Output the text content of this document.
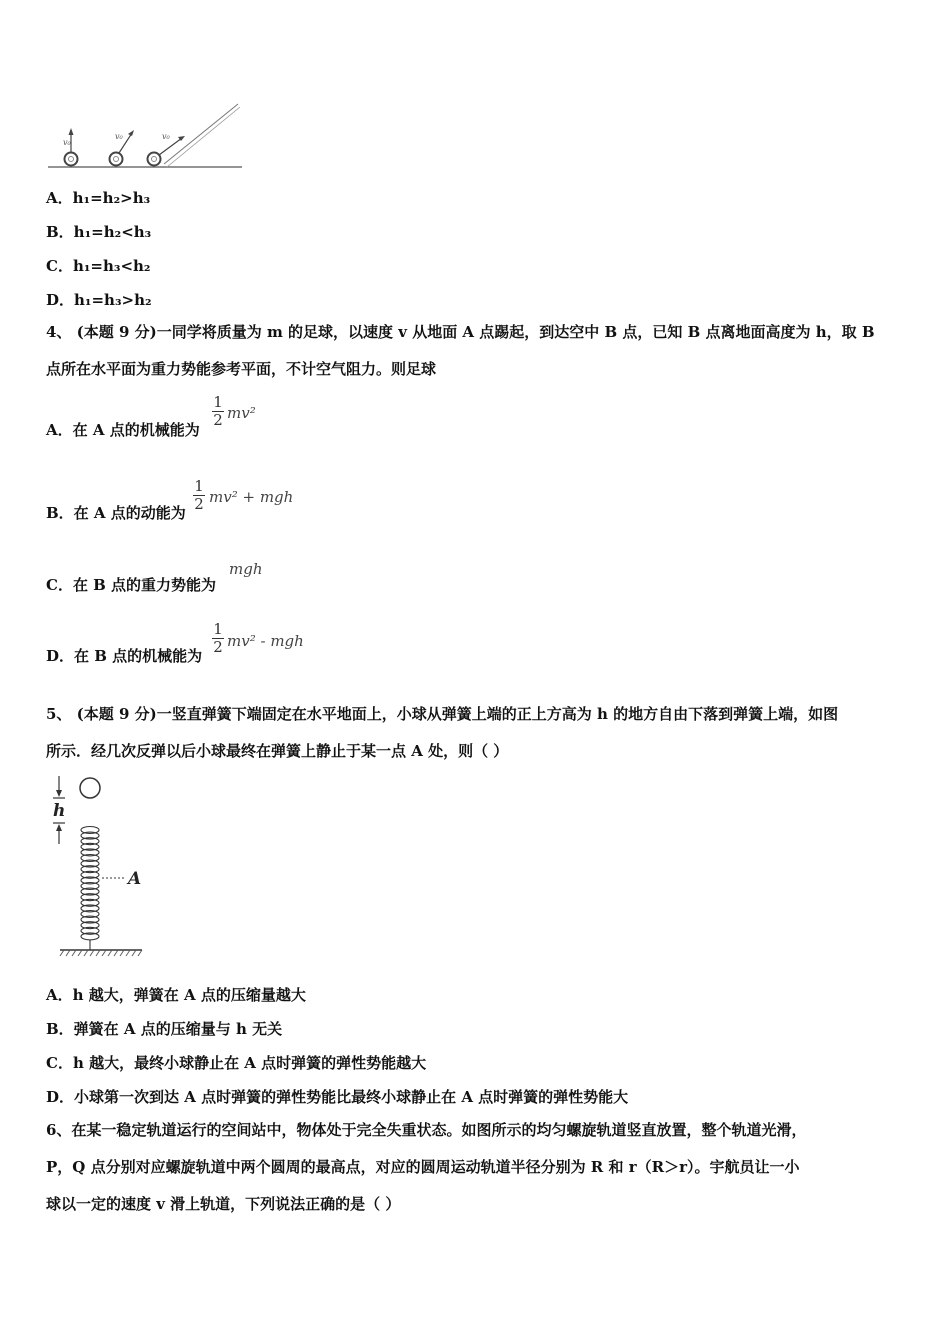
v₀
v₀	v₀
A．h₁=h₂>h₃
B．h₁=h₂<h₃
C．h₁=h₃<h₂
D．h₁=h₃>h₂
4、 (本题 9 分)一同学将质量为 m 的足球，以速度 v 从地面 A 点踢起，到达空中 B 点，已知 B 点离地面高度为 h，取 B
点所在水平面为重力势能参考平面，不计空气阻力。则足球
A．在 A 点的机械能为
1
2 mv²
B．在 A 点的动能为
1
2 mv² + mgh
C．在 B 点的重力势能为
mgh
D．在 B 点的机械能为
1
2 mv² - mgh
5、 (本题 9 分)一竖直弹簧下端固定在水平地面上，小球从弹簧上端的正上方高为 h 的地方自由下落到弹簧上端，如图
所示．经几次反弹以后小球最终在弹簧上静止于某一点 A 处，则（ ）
h
A
A．h 越大，弹簧在 A 点的压缩量越大
B．弹簧在 A 点的压缩量与 h 无关
C．h 越大，最终小球静止在 A 点时弹簧的弹性势能越大
D．小球第一次到达 A 点时弹簧的弹性势能比最终小球静止在 A 点时弹簧的弹性势能大
6、在某一稳定轨道运行的空间站中，物体处于完全失重状态。如图所示的均匀螺旋轨道竖直放置，整个轨道光滑，
P，Q 点分别对应螺旋轨道中两个圆周的最高点，对应的圆周运动轨道半径分别为 R 和 r（R＞r）。宇航员让一小
球以一定的速度 v 滑上轨道，下列说法正确的是（ ）
